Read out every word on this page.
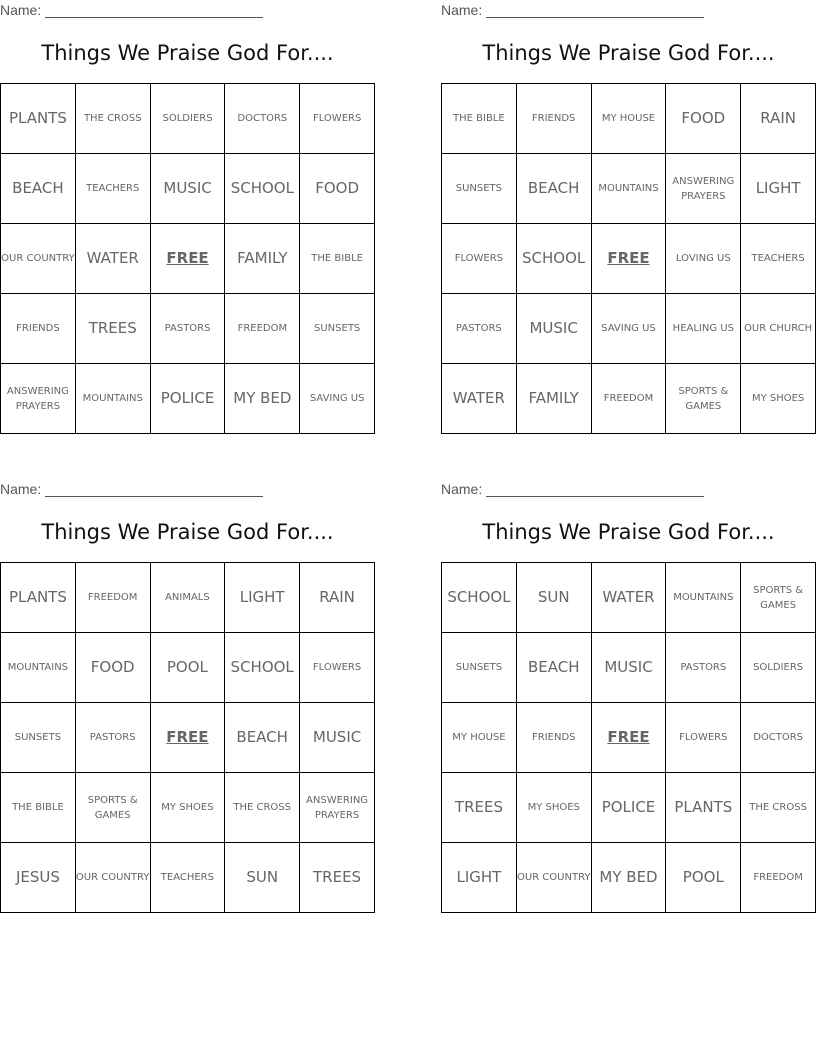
Name:
Things We Praise God For....
PLANTS	THE CROSS	SOLDIERS	DOCTORS	FLOWERS
BEACH	TEACHERS	MUSIC	SCHOOL	FOOD
OUR COUNTRY	WATER	FREE	FAMILY	THE BIBLE
FRIENDS	TREES	PASTORS	FREEDOM	SUNSETS
ANSWERING PRAYERS	MOUNTAINS	POLICE	MY BED	SAVING US
Name:
Things We Praise God For....
THE BIBLE	FRIENDS	MY HOUSE	FOOD	RAIN
SUNSETS	BEACH	MOUNTAINS	ANSWERING PRAYERS	LIGHT
FLOWERS	SCHOOL	FREE	LOVING US	TEACHERS
PASTORS	MUSIC	SAVING US	HEALING US	OUR CHURCH
WATER	FAMILY	FREEDOM	SPORTS & GAMES	MY SHOES
Name:
Things We Praise God For....
PLANTS	FREEDOM	ANIMALS	LIGHT	RAIN
MOUNTAINS	FOOD	POOL	SCHOOL	FLOWERS
SUNSETS	PASTORS	FREE	BEACH	MUSIC
THE BIBLE	SPORTS & GAMES	MY SHOES	THE CROSS	ANSWERING PRAYERS
JESUS	OUR COUNTRY	TEACHERS	SUN	TREES
Name:
Things We Praise God For....
SCHOOL	SUN	WATER	MOUNTAINS	SPORTS & GAMES
SUNSETS	BEACH	MUSIC	PASTORS	SOLDIERS
MY HOUSE	FRIENDS	FREE	FLOWERS	DOCTORS
TREES	MY SHOES	POLICE	PLANTS	THE CROSS
LIGHT	OUR COUNTRY	MY BED	POOL	FREEDOM
